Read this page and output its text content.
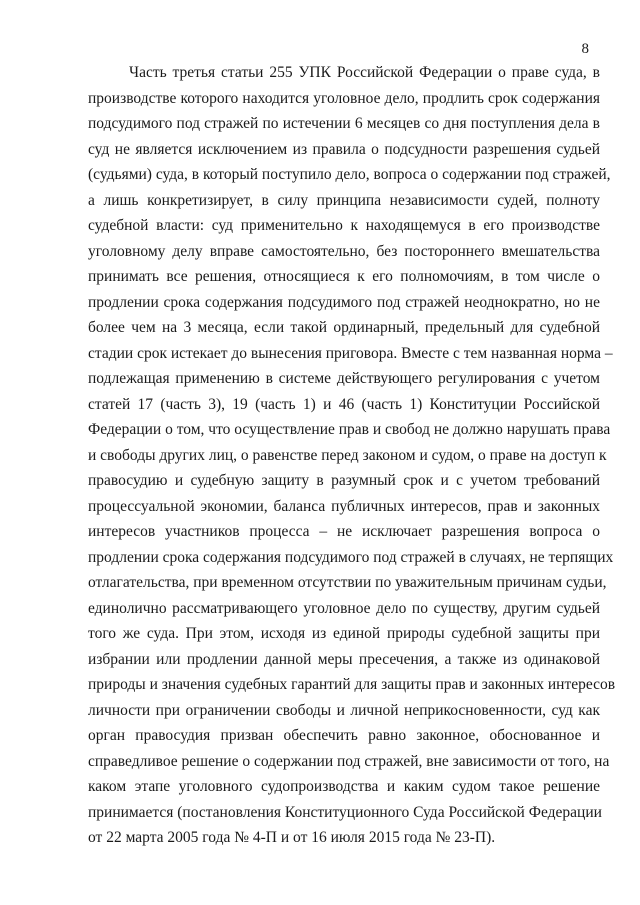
8
Часть третья статьи 255 УПК Российской Федерации о праве суда, в
производстве которого находится уголовное дело, продлить срок содержания
подсудимого под стражей по истечении 6 месяцев со дня поступления дела в
суд не является исключением из правила о подсудности разрешения судьей
(судьями) суда, в который поступило дело, вопроса о содержании под стражей,
а лишь конкретизирует, в силу принципа независимости судей, полноту
судебной власти: суд применительно к находящемуся в его производстве
уголовному делу вправе самостоятельно, без постороннего вмешательства
принимать все решения, относящиеся к его полномочиям, в том числе о
продлении срока содержания подсудимого под стражей неоднократно, но не
более чем на 3 месяца, если такой ординарный, предельный для судебной
стадии срок истекает до вынесения приговора. Вместе с тем названная норма –
подлежащая применению в системе действующего регулирования с учетом
статей 17 (часть 3), 19 (часть 1) и 46 (часть 1) Конституции Российской
Федерации о том, что осуществление прав и свобод не должно нарушать права
и свободы других лиц, о равенстве перед законом и судом, о праве на доступ к
правосудию и судебную защиту в разумный срок и с учетом требований
процессуальной экономии, баланса публичных интересов, прав и законных
интересов участников процесса – не исключает разрешения вопроса о
продлении срока содержания подсудимого под стражей в случаях, не терпящих
отлагательства, при временном отсутствии по уважительным причинам судьи,
единолично рассматривающего уголовное дело по существу, другим судьей
того же суда. При этом, исходя из единой природы судебной защиты при
избрании или продлении данной меры пресечения, а также из одинаковой
природы и значения судебных гарантий для защиты прав и законных интересов
личности при ограничении свободы и личной неприкосновенности, суд как
орган правосудия призван обеспечить равно законное, обоснованное и
справедливое решение о содержании под стражей, вне зависимости от того, на
каком этапе уголовного судопроизводства и каким судом такое решение
принимается (постановления Конституционного Суда Российской Федерации
от 22 марта 2005 года № 4-П и от 16 июля 2015 года № 23-П).
